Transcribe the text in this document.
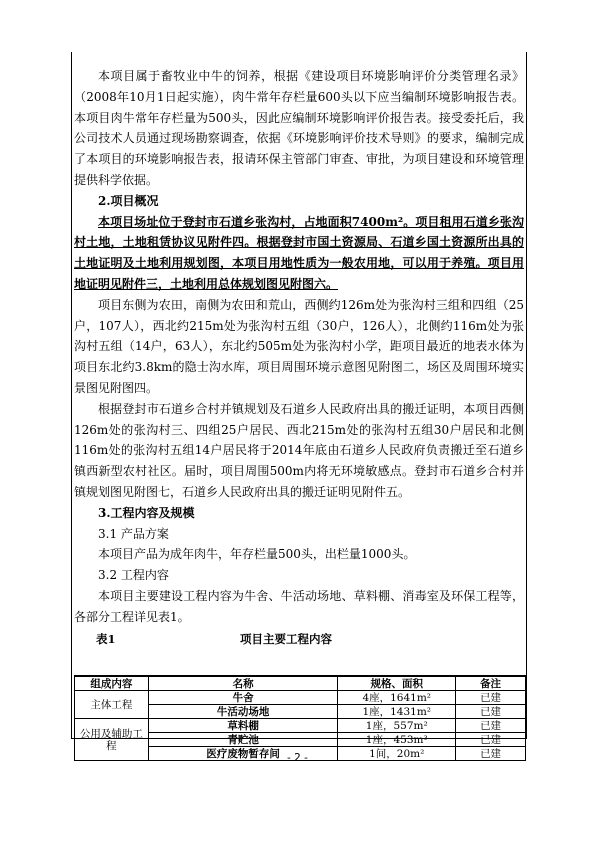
本项目属于畜牧业中牛的饲养，根据《建设项目环境影响评价分类管理名录》（2008年10月1日起实施），肉牛常年存栏量600头以下应当编制环境影响报告表。本项目肉牛常年存栏量为500头，因此应编制环境影响评价报告表。接受委托后，我公司技术人员通过现场勘察调查，依据《环境影响评价技术导则》的要求，编制完成了本项目的环境影响报告表，报请环保主管部门审查、审批，为项目建设和环境管理提供科学依据。

2.项目概况

本项目场址位于登封市石道乡张沟村，占地面积7400m²。项目租用石道乡张沟村土地，土地租赁协议见附件四。根据登封市国土资源局、石道乡国土资源所出具的土地证明及土地利用规划图，本项目用地性质为一般农用地，可以用于养殖。项目用地证明见附件三，土地利用总体规划图见附图六。

项目东侧为农田，南侧为农田和荒山，西侧约126m处为张沟村三组和四组（25户，107人），西北约215m处为张沟村五组（30户，126人），北侧约116m处为张沟村五组（14户，63人），东北约505m处为张沟村小学，距项目最近的地表水体为项目东北约3.8km的隐士沟水库，项目周围环境示意图见附图二，场区及周围环境实景图见附图四。

根据登封市石道乡合村并镇规划及石道乡人民政府出具的搬迁证明，本项目西侧126m处的张沟村三、四组25户居民、西北215m处的张沟村五组30户居民和北侧116m处的张沟村五组14户居民将于2014年底由石道乡人民政府负责搬迁至石道乡镇西新型农村社区。届时，项目周围500m内将无环境敏感点。登封市石道乡合村并镇规划图见附图七，石道乡人民政府出具的搬迁证明见附件五。

3.工程内容及规模

3.1 产品方案

本项目产品为成年肉牛，年存栏量500头，出栏量1000头。

3.2 工程内容

本项目主要建设工程内容为牛舍、牛活动场地、草料棚、消毒室及环保工程等，各部分工程详见表1。

表1	项目主要工程内容
组成内容	名称	规格、面积	备注
主体工程	牛舍	4座，1641m²	已建
	牛活动场地	1座，1431m²	已建
公用及辅助工程	草料棚	1座，557m²	已建
	青贮池	1座，453m³	已建
	医疗废物暂存间	1间，20m²	已建
- 2 -
